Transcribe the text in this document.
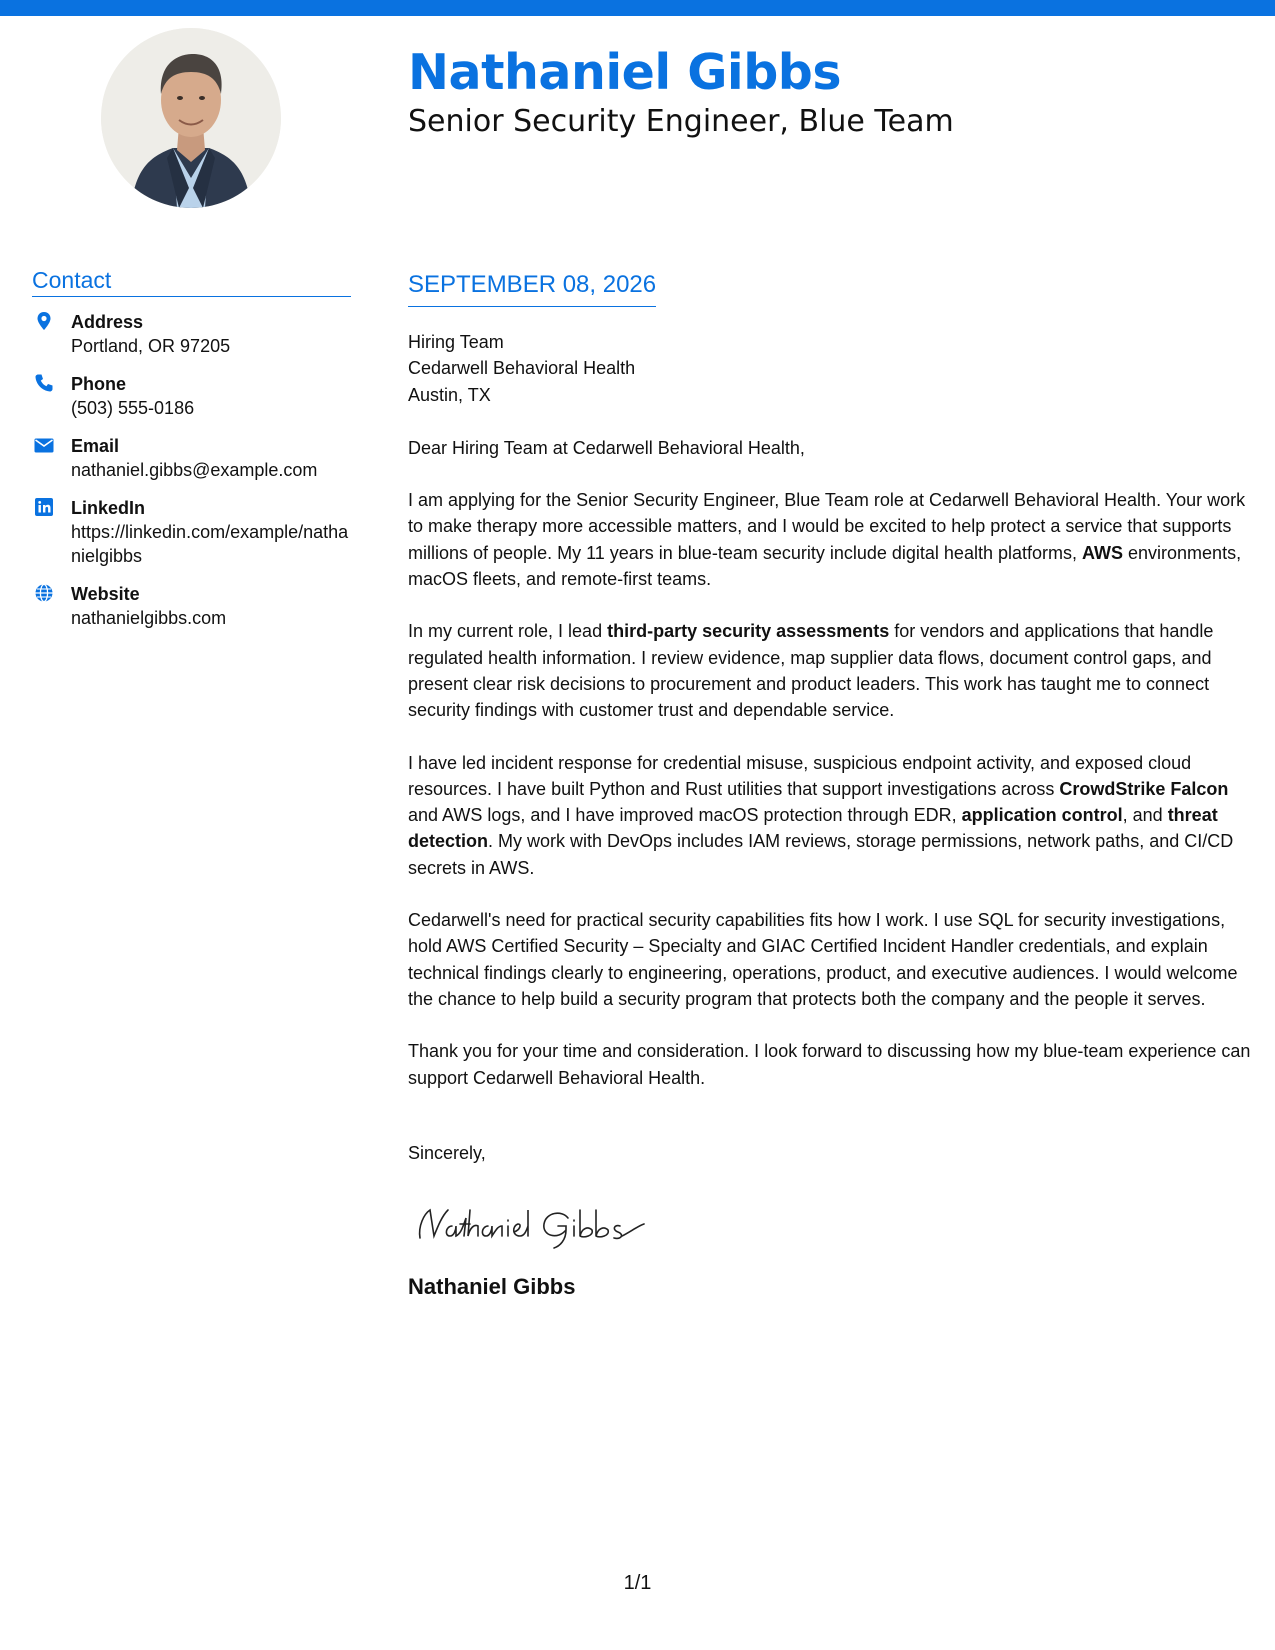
Nathaniel Gibbs
Senior Security Engineer, Blue Team
Contact
Address
Portland, OR 97205
Phone
(503) 555-0186
Email
nathaniel.gibbs@example.com
LinkedIn
https://linkedin.com/example/nathanielgibbs
Website
nathanielgibbs.com
SEPTEMBER 08, 2026
Hiring Team
Cedarwell Behavioral Health
Austin, TX
Dear Hiring Team at Cedarwell Behavioral Health,
I am applying for the Senior Security Engineer, Blue Team role at Cedarwell Behavioral Health. Your work to make therapy more accessible matters, and I would be excited to help protect a service that supports millions of people. My 11 years in blue-team security include digital health platforms, AWS environments, macOS fleets, and remote-first teams.
In my current role, I lead third-party security assessments for vendors and applications that handle regulated health information. I review evidence, map supplier data flows, document control gaps, and present clear risk decisions to procurement and product leaders. This work has taught me to connect security findings with customer trust and dependable service.
I have led incident response for credential misuse, suspicious endpoint activity, and exposed cloud resources. I have built Python and Rust utilities that support investigations across CrowdStrike Falcon and AWS logs, and I have improved macOS protection through EDR, application control, and threat detection. My work with DevOps includes IAM reviews, storage permissions, network paths, and CI/CD secrets in AWS.
Cedarwell's need for practical security capabilities fits how I work. I use SQL for security investigations, hold AWS Certified Security – Specialty and GIAC Certified Incident Handler credentials, and explain technical findings clearly to engineering, operations, product, and executive audiences. I would welcome the chance to help build a security program that protects both the company and the people it serves.
Thank you for your time and consideration. I look forward to discussing how my blue-team experience can support Cedarwell Behavioral Health.
Sincerely,
Nathaniel Gibbs
1/1
